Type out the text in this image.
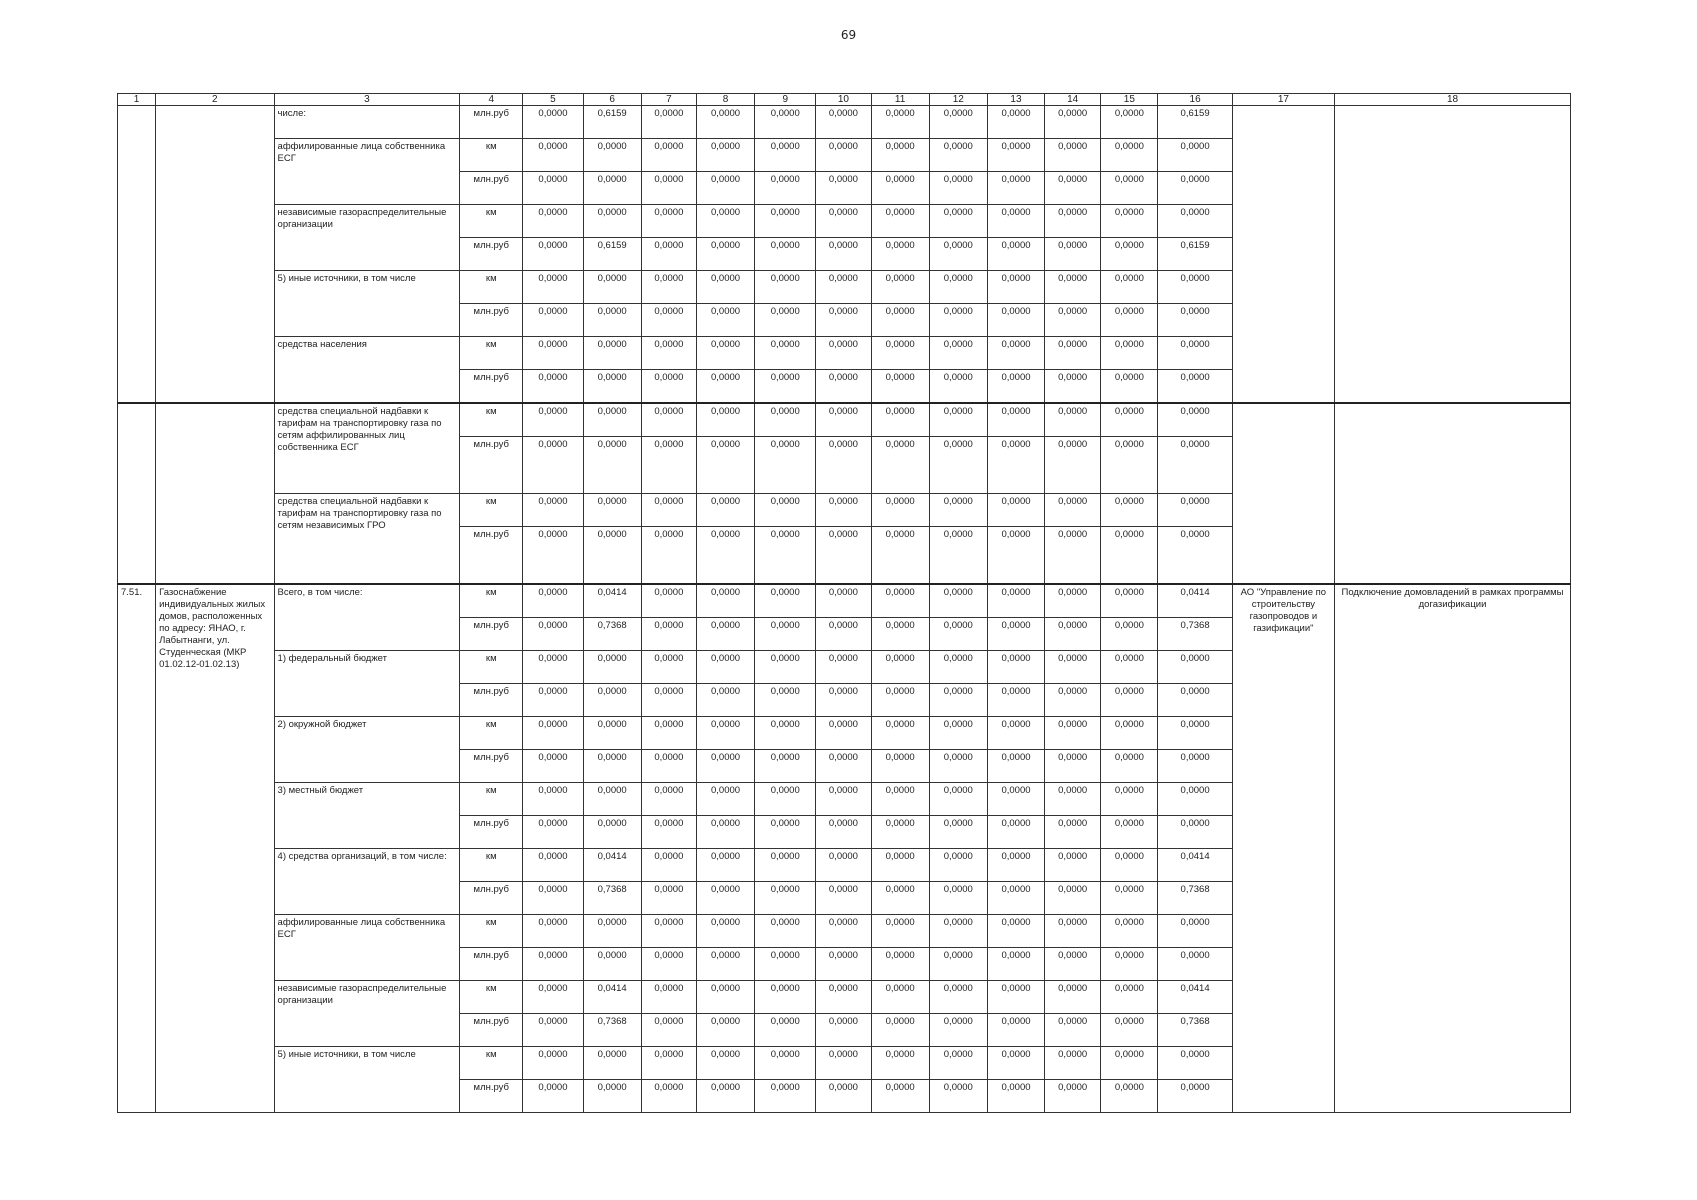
69
1	2	3	4	5	6	7	8	9	10	11	12	13	14	15	16	17	18
		числе:	млн.руб	0,0000	0,6159	0,0000	0,0000	0,0000	0,0000	0,0000	0,0000	0,0000	0,0000	0,0000	0,6159		
		аффилированные лица собственника ЕСГ	км	0,0000	0,0000	0,0000	0,0000	0,0000	0,0000	0,0000	0,0000	0,0000	0,0000	0,0000	0,0000		
			млн.руб	0,0000	0,0000	0,0000	0,0000	0,0000	0,0000	0,0000	0,0000	0,0000	0,0000	0,0000	0,0000		
		независимые газораспределительные организации	км	0,0000	0,0000	0,0000	0,0000	0,0000	0,0000	0,0000	0,0000	0,0000	0,0000	0,0000	0,0000		
			млн.руб	0,0000	0,6159	0,0000	0,0000	0,0000	0,0000	0,0000	0,0000	0,0000	0,0000	0,0000	0,6159		
		5) иные источники, в том числе	км	0,0000	0,0000	0,0000	0,0000	0,0000	0,0000	0,0000	0,0000	0,0000	0,0000	0,0000	0,0000		
			млн.руб	0,0000	0,0000	0,0000	0,0000	0,0000	0,0000	0,0000	0,0000	0,0000	0,0000	0,0000	0,0000		
		средства населения	км	0,0000	0,0000	0,0000	0,0000	0,0000	0,0000	0,0000	0,0000	0,0000	0,0000	0,0000	0,0000		
			млн.руб	0,0000	0,0000	0,0000	0,0000	0,0000	0,0000	0,0000	0,0000	0,0000	0,0000	0,0000	0,0000		
		средства специальной надбавки к тарифам на транспортировку газа по сетям аффилированных лиц собственника ЕСГ	км	0,0000	0,0000	0,0000	0,0000	0,0000	0,0000	0,0000	0,0000	0,0000	0,0000	0,0000	0,0000		
			млн.руб	0,0000	0,0000	0,0000	0,0000	0,0000	0,0000	0,0000	0,0000	0,0000	0,0000	0,0000	0,0000		
		средства специальной надбавки к тарифам на транспортировку газа по сетям независимых ГРО	км	0,0000	0,0000	0,0000	0,0000	0,0000	0,0000	0,0000	0,0000	0,0000	0,0000	0,0000	0,0000		
			млн.руб	0,0000	0,0000	0,0000	0,0000	0,0000	0,0000	0,0000	0,0000	0,0000	0,0000	0,0000	0,0000		
7.51.	Газоснабжение индивидуальных жилых домов, расположенных по адресу: ЯНАО, г. Лабытнанги, ул. Студенческая (МКР 01.02.12-01.02.13)	Всего, в том числе:	км	0,0000	0,0414	0,0000	0,0000	0,0000	0,0000	0,0000	0,0000	0,0000	0,0000	0,0000	0,0414	АО "Управление по строительству газопроводов и газификации"	Подключение домовладений в рамках программы догазификации
			млн.руб	0,0000	0,7368	0,0000	0,0000	0,0000	0,0000	0,0000	0,0000	0,0000	0,0000	0,0000	0,7368		
		1) федеральный бюджет	км	0,0000	0,0000	0,0000	0,0000	0,0000	0,0000	0,0000	0,0000	0,0000	0,0000	0,0000	0,0000		
			млн.руб	0,0000	0,0000	0,0000	0,0000	0,0000	0,0000	0,0000	0,0000	0,0000	0,0000	0,0000	0,0000		
		2) окружной бюджет	км	0,0000	0,0000	0,0000	0,0000	0,0000	0,0000	0,0000	0,0000	0,0000	0,0000	0,0000	0,0000		
			млн.руб	0,0000	0,0000	0,0000	0,0000	0,0000	0,0000	0,0000	0,0000	0,0000	0,0000	0,0000	0,0000		
		3) местный бюджет	км	0,0000	0,0000	0,0000	0,0000	0,0000	0,0000	0,0000	0,0000	0,0000	0,0000	0,0000	0,0000		
			млн.руб	0,0000	0,0000	0,0000	0,0000	0,0000	0,0000	0,0000	0,0000	0,0000	0,0000	0,0000	0,0000		
		4) средства организаций, в том числе:	км	0,0000	0,0414	0,0000	0,0000	0,0000	0,0000	0,0000	0,0000	0,0000	0,0000	0,0000	0,0414		
			млн.руб	0,0000	0,7368	0,0000	0,0000	0,0000	0,0000	0,0000	0,0000	0,0000	0,0000	0,0000	0,7368		
		аффилированные лица собственника ЕСГ	км	0,0000	0,0000	0,0000	0,0000	0,0000	0,0000	0,0000	0,0000	0,0000	0,0000	0,0000	0,0000		
			млн.руб	0,0000	0,0000	0,0000	0,0000	0,0000	0,0000	0,0000	0,0000	0,0000	0,0000	0,0000	0,0000		
		независимые газораспределительные организации	км	0,0000	0,0414	0,0000	0,0000	0,0000	0,0000	0,0000	0,0000	0,0000	0,0000	0,0000	0,0414		
			млн.руб	0,0000	0,7368	0,0000	0,0000	0,0000	0,0000	0,0000	0,0000	0,0000	0,0000	0,0000	0,7368		
		5) иные источники, в том числе	км	0,0000	0,0000	0,0000	0,0000	0,0000	0,0000	0,0000	0,0000	0,0000	0,0000	0,0000	0,0000		
			млн.руб	0,0000	0,0000	0,0000	0,0000	0,0000	0,0000	0,0000	0,0000	0,0000	0,0000	0,0000	0,0000		
